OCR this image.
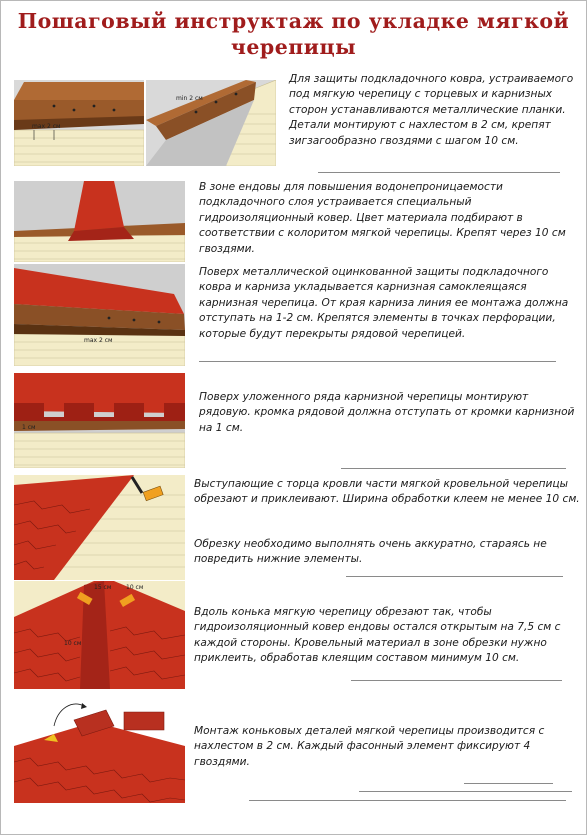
Пошаговый инструктаж по укладке мягкой
черепицы
max 2 см
min 2 см
Для защиты подкладочного ковра, устраиваемого под мягкую черепицу с торцевых и карнизных сторон устанавливаются металлические планки. Детали монтируют с нахлестом в 2 см, крепят зигзагообразно гвоздями с шагом 10 см.
В зоне ендовы для повышения водонепроницаемости подкладочного слоя устраивается специальный гидроизоляционный ковер. Цвет материала подбирают в соответствии с колоритом мягкой черепицы. Крепят через 10 см гвоздями.
max 2 см
Поверх металлической оцинкованной защиты подкладочного ковра и карниза укладывается карнизная самоклеящаяся карнизная черепица. От края карниза линия ее монтажа должна отступать на 1-2 см. Крепятся элементы в точках перфорации, которые будут перекрыты рядовой черепицей.
1 см
Поверх уложенного ряда карнизной черепицы монтируют рядовую. кромка рядовой должна отступать от кромки карнизной на 1 см.
Выступающие с торца кровли части мягкой кровельной черепицы обрезают и приклеивают. Ширина обработки клеем не менее 10 см.
Обрезку необходимо выполнять очень аккуратно, стараясь не повредить нижние элементы.
15 см 10 см
10 см
Вдоль конька мягкую черепицу обрезают так, чтобы гидроизоляционный ковер ендовы остался открытым на 7,5 см с каждой стороны. Кровельный материал в зоне обрезки нужно приклеить, обработав клеящим составом минимум 10 см.
Монтаж коньковых деталей мягкой черепицы производится с нахлестом в 2 см. Каждый фасонный элемент фиксируют 4 гвоздями.
